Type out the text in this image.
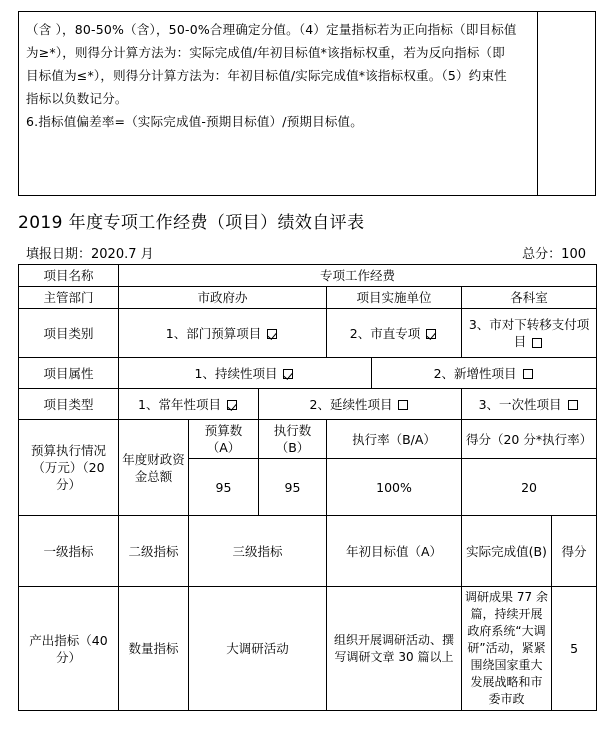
（含 ），80-50%（含），50-0%合理确定分值。（4）定量指标若为正向指标（即目标值

为≥*），则得分计算方法为：实际完成值/年初目标值*该指标权重，若为反向指标（即

目标值为≤*），则得分计算方法为：年初目标值/实际完成值*该指标权重。（5）约束性

指标以负数记分。

6.指标值偏差率=（实际完成值-预期目标值）/预期目标值。

2019 年度专项工作经费（项目）绩效自评表
填报日期：2020.7 月	总分：100
项目名称	专项工作经费						
主管部门	市政府办			项目实施单位		各科室	
项目类别	1、部门预算项目			2、市直专项		3、市对下转移支付项目	
项目属性	1、持续性项目				2、新增性项目		
项目类型	1、常年性项目		2、延续性项目			3、一次性项目	
预算执行情况（万元）（20 分）	年度财政资金总额	预算数（A）	执行数（B）	执行率（B/A）		得分（20 分*执行率）	
		95	95	100%		20	
一级指标	二级指标	三级指标		年初目标值（A）		实际完成值(B)	得分
产出指标（40 分）	数量指标	大调研活动		组织开展调研活动、撰写调研文章 30 篇以上		调研成果 77 余篇，持续开展政府系统“大调研”活动，紧紧围绕国家重大发展战略和市委市政	5
